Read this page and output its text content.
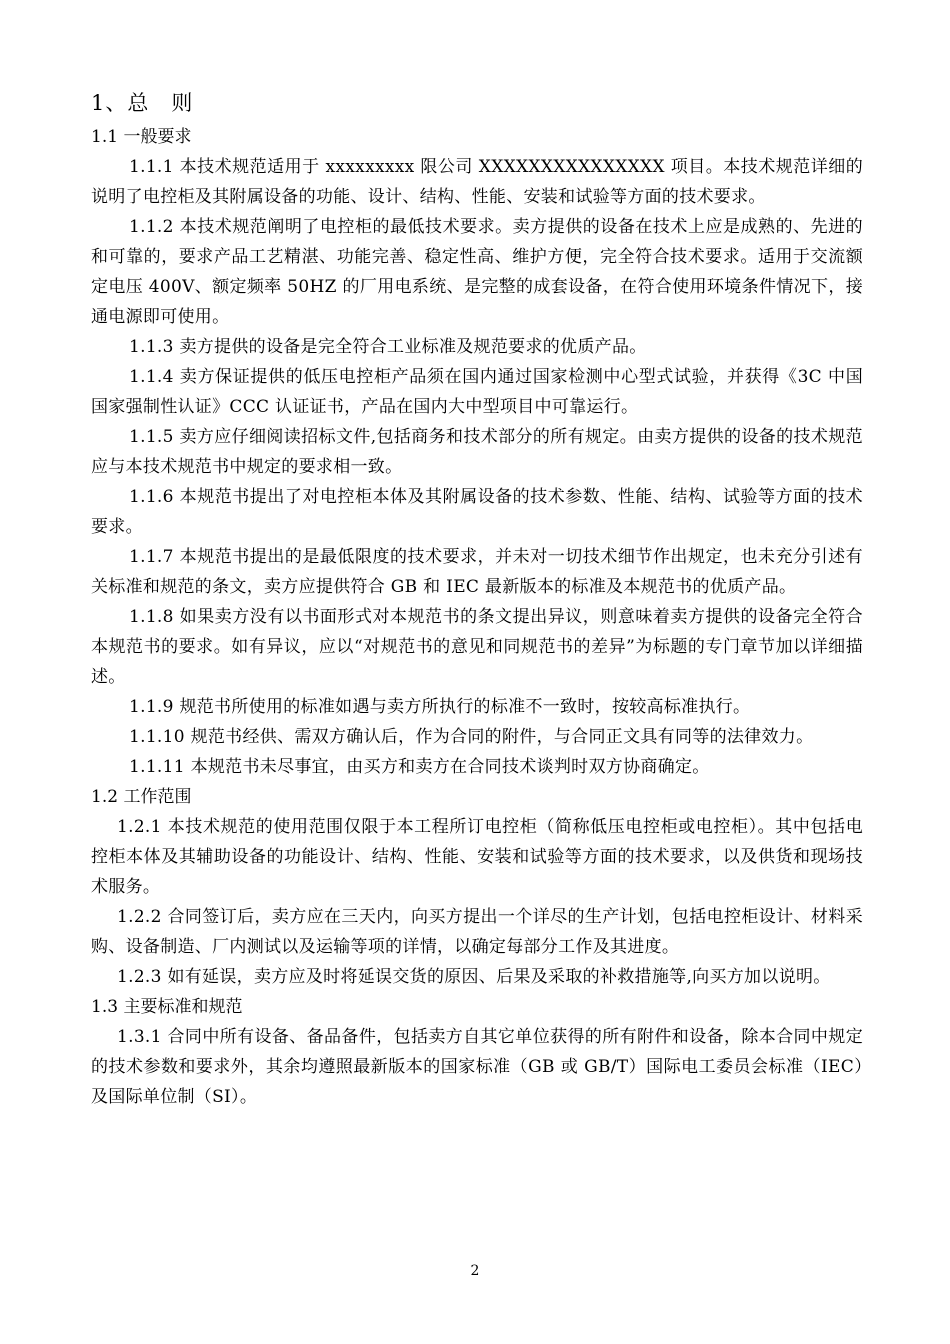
1、总　则
1.1 一般要求

1.1.1 本技术规范适用于 xxxxxxxxx 限公司 XXXXXXXXXXXXXXX 项目。本技术规范详细的说明了电控柜及其附属设备的功能、设计、结构、性能、安装和试验等方面的技术要求。

1.1.2 本技术规范阐明了电控柜的最低技术要求。卖方提供的设备在技术上应是成熟的、先进的和可靠的，要求产品工艺精湛、功能完善、稳定性高、维护方便，完全符合技术要求。适用于交流额定电压 400V、额定频率 50HZ 的厂用电系统、是完整的成套设备，在符合使用环境条件情况下，接通电源即可使用。

1.1.3 卖方提供的设备是完全符合工业标准及规范要求的优质产品。

1.1.4 卖方保证提供的低压电控柜产品须在国内通过国家检测中心型式试验，并获得《3C 中国国家强制性认证》CCC 认证证书，产品在国内大中型项目中可靠运行。

1.1.5 卖方应仔细阅读招标文件,包括商务和技术部分的所有规定。由卖方提供的设备的技术规范应与本技术规范书中规定的要求相一致。

1.1.6 本规范书提出了对电控柜本体及其附属设备的技术参数、性能、结构、试验等方面的技术要求。

1.1.7 本规范书提出的是最低限度的技术要求，并未对一切技术细节作出规定，也未充分引述有关标准和规范的条文，卖方应提供符合 GB 和 IEC 最新版本的标准及本规范书的优质产品。

1.1.8 如果卖方没有以书面形式对本规范书的条文提出异议，则意味着卖方提供的设备完全符合本规范书的要求。如有异议，应以“对规范书的意见和同规范书的差异”为标题的专门章节加以详细描述。

1.1.9 规范书所使用的标准如遇与卖方所执行的标准不一致时，按较高标准执行。

1.1.10 规范书经供、需双方确认后，作为合同的附件，与合同正文具有同等的法律效力。

1.1.11 本规范书未尽事宜，由买方和卖方在合同技术谈判时双方协商确定。

1.2 工作范围

1.2.1 本技术规范的使用范围仅限于本工程所订电控柜（简称低压电控柜或电控柜）。其中包括电控柜本体及其辅助设备的功能设计、结构、性能、安装和试验等方面的技术要求，以及供货和现场技术服务。

1.2.2 合同签订后，卖方应在三天内，向买方提出一个详尽的生产计划，包括电控柜设计、材料采购、设备制造、厂内测试以及运输等项的详情，以确定每部分工作及其进度。

1.2.3 如有延误，卖方应及时将延误交货的原因、后果及采取的补救措施等,向买方加以说明。

1.3 主要标准和规范

1.3.1 合同中所有设备、备品备件，包括卖方自其它单位获得的所有附件和设备，除本合同中规定的技术参数和要求外，其余均遵照最新版本的国家标准（GB 或 GB/T）国际电工委员会标准（IEC）及国际单位制（SI）。

2
